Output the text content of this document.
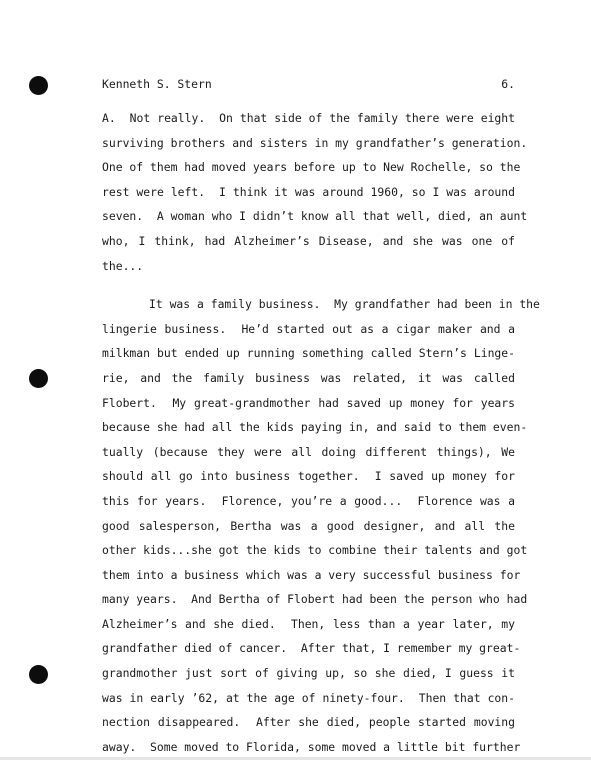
Kenneth S. Stern	6.
A.  Not really.  On that side of the family there were eight
surviving brothers and sisters in my grandfather’s generation.
One of them had moved years before up to New Rochelle, so the
rest were left.  I think it was around 1960, so I was around
seven.  A woman who I didn’t know all that well, died, an aunt
who, I think, had Alzheimer’s Disease, and she was one of
the...
It was a family business.  My grandfather had been in the
lingerie business.  He’d started out as a cigar maker and a
milkman but ended up running something called Stern’s Linge-
rie, and the family business was related, it was called
Flobert.  My great-grandmother had saved up money for years
because she had all the kids paying in, and said to them even-
tually (because they were all doing different things), We
should all go into business together.  I saved up money for
this for years.  Florence, you’re a good...  Florence was a
good salesperson, Bertha was a good designer, and all the
other kids...she got the kids to combine their talents and got
them into a business which was a very successful business for
many years.  And Bertha of Flobert had been the person who had
Alzheimer’s and she died.  Then, less than a year later, my
grandfather died of cancer.  After that, I remember my great-
grandmother just sort of giving up, so she died, I guess it
was in early ’62, at the age of ninety-four.  Then that con-
nection disappeared.  After she died, people started moving
away.  Some moved to Florida, some moved a little bit further
